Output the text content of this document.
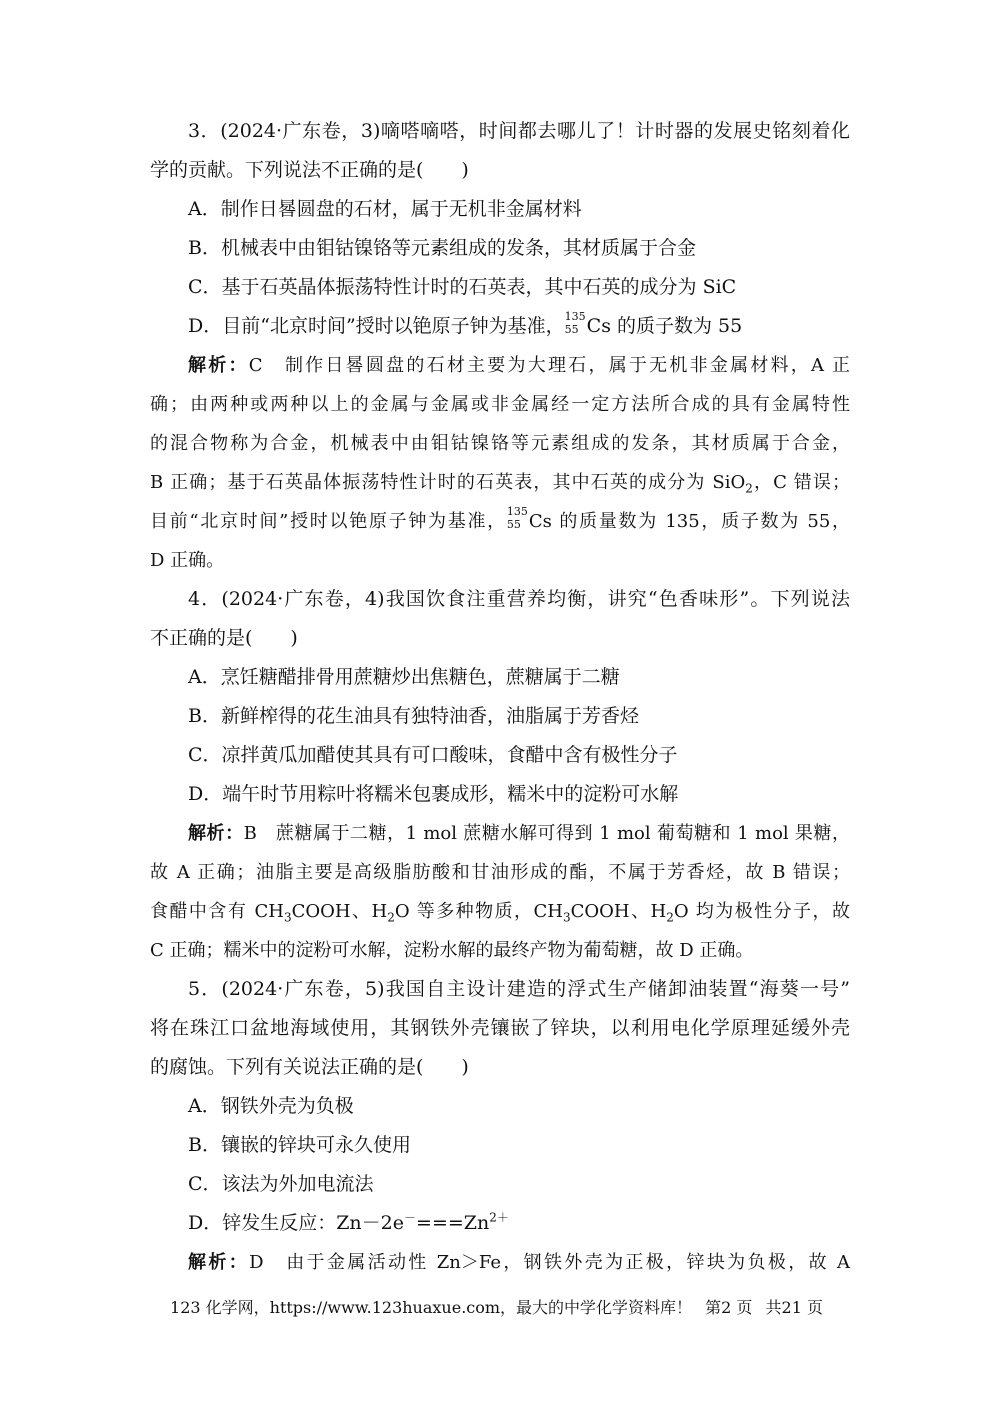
3．(2024·广东卷，3)嘀嗒嘀嗒，时间都去哪儿了！计时器的发展史铭刻着化
学的贡献。下列说法不正确的是(　　)
A．制作日晷圆盘的石材，属于无机非金属材料
B．机械表中由钼钴镍铬等元素组成的发条，其材质属于合金
C．基于石英晶体振荡特性计时的石英表，其中石英的成分为 SiC
D．目前“北京时间”授时以铯原子钟为基准， 135
55 Cs 的质子数为 55
解析：C　制作日晷圆盘的石材主要为大理石，属于无机非金属材料，A 正
确；由两种或两种以上的金属与金属或非金属经一定方法所合成的具有金属特性
的混合物称为合金，机械表中由钼钴镍铬等元素组成的发条，其材质属于合金，
B 正确；基于石英晶体振荡特性计时的石英表，其中石英的成分为 SiO$_2$，C 错误；
目前“北京时间”授时以铯原子钟为基准， 135
55 Cs 的质量数为 135，质子数为 55，
D 正确。
4．(2024·广东卷，4)我国饮食注重营养均衡，讲究“色香味形”。下列说法
不正确的是(　　)
A．烹饪糖醋排骨用蔗糖炒出焦糖色，蔗糖属于二糖
B．新鲜榨得的花生油具有独特油香，油脂属于芳香烃
C．凉拌黄瓜加醋使其具有可口酸味，食醋中含有极性分子
D．端午时节用粽叶将糯米包裹成形，糯米中的淀粉可水解
解析：B　蔗糖属于二糖，1 mol 蔗糖水解可得到 1 mol 葡萄糖和 1 mol 果糖，
故 A 正确；油脂主要是高级脂肪酸和甘油形成的酯，不属于芳香烃，故 B 错误；
食醋中含有 $CH_3COOH$、$H_2O$ 等多种物质，$CH_3COOH$、$H_2O$ 均为极性分子，故
C 正确；糯米中的淀粉可水解，淀粉水解的最终产物为葡萄糖，故 D 正确。
5．(2024·广东卷，5)我国自主设计建造的浮式生产储卸油装置“海葵一号”
将在珠江口盆地海域使用，其钢铁外壳镶嵌了锌块，以利用电化学原理延缓外壳
的腐蚀。下列有关说法正确的是(　　)
A．钢铁外壳为负极
B．镶嵌的锌块可永久使用
C．该法为外加电流法
D．锌发生反应：$Zn-2e^-===Zn^{2+}$
解析：D　由于金属活动性 Zn＞Fe，钢铁外壳为正极，锌块为负极，故 A
123 化学网，https://www.123huaxue.com，最大的中学化学资料库！ 第2 页 共21 页
